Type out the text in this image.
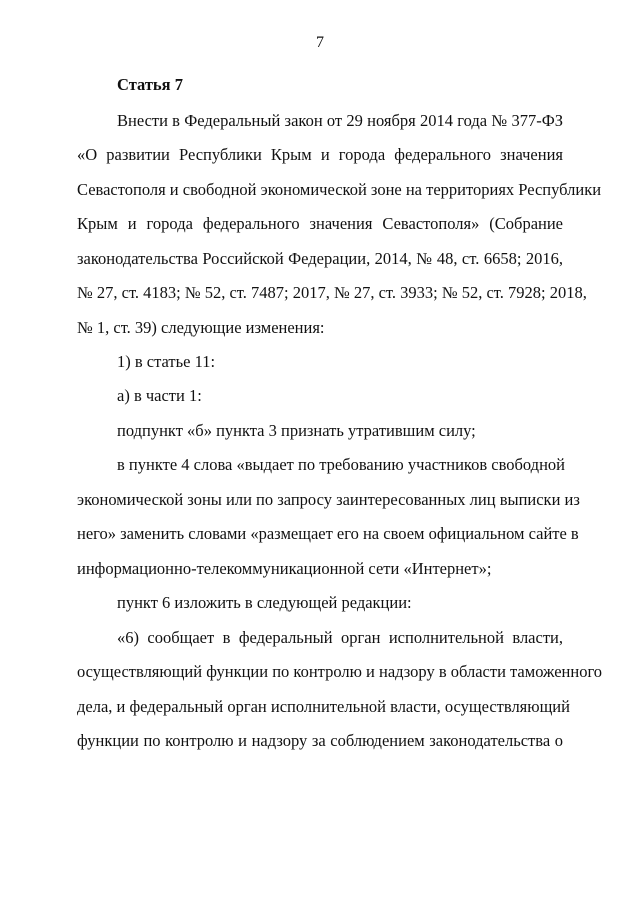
7
Статья 7
Внести в Федеральный закон от 29 ноября 2014 года № 377-ФЗ
«О развитии Республики Крым и города федерального значения
Севастополя и свободной экономической зоне на территориях Республики
Крым и города федерального значения Севастополя» (Собрание
законодательства Российской Федерации, 2014, № 48, ст. 6658; 2016,
№ 27, ст. 4183; № 52, ст. 7487; 2017, № 27, ст. 3933; № 52, ст. 7928; 2018,
№ 1, ст. 39) следующие изменения:
1) в статье 11:
а) в части 1:
подпункт «б» пункта 3 признать утратившим силу;
в пункте 4 слова «выдает по требованию участников свободной
экономической зоны или по запросу заинтересованных лиц выписки из
него» заменить словами «размещает его на своем официальном сайте в
информационно-телекоммуникационной сети «Интернет»;
пункт 6 изложить в следующей редакции:
«6) сообщает в федеральный орган исполнительной власти,
осуществляющий функции по контролю и надзору в области таможенного
дела, и федеральный орган исполнительной власти, осуществляющий
функции по контролю и надзору за соблюдением законодательства о
